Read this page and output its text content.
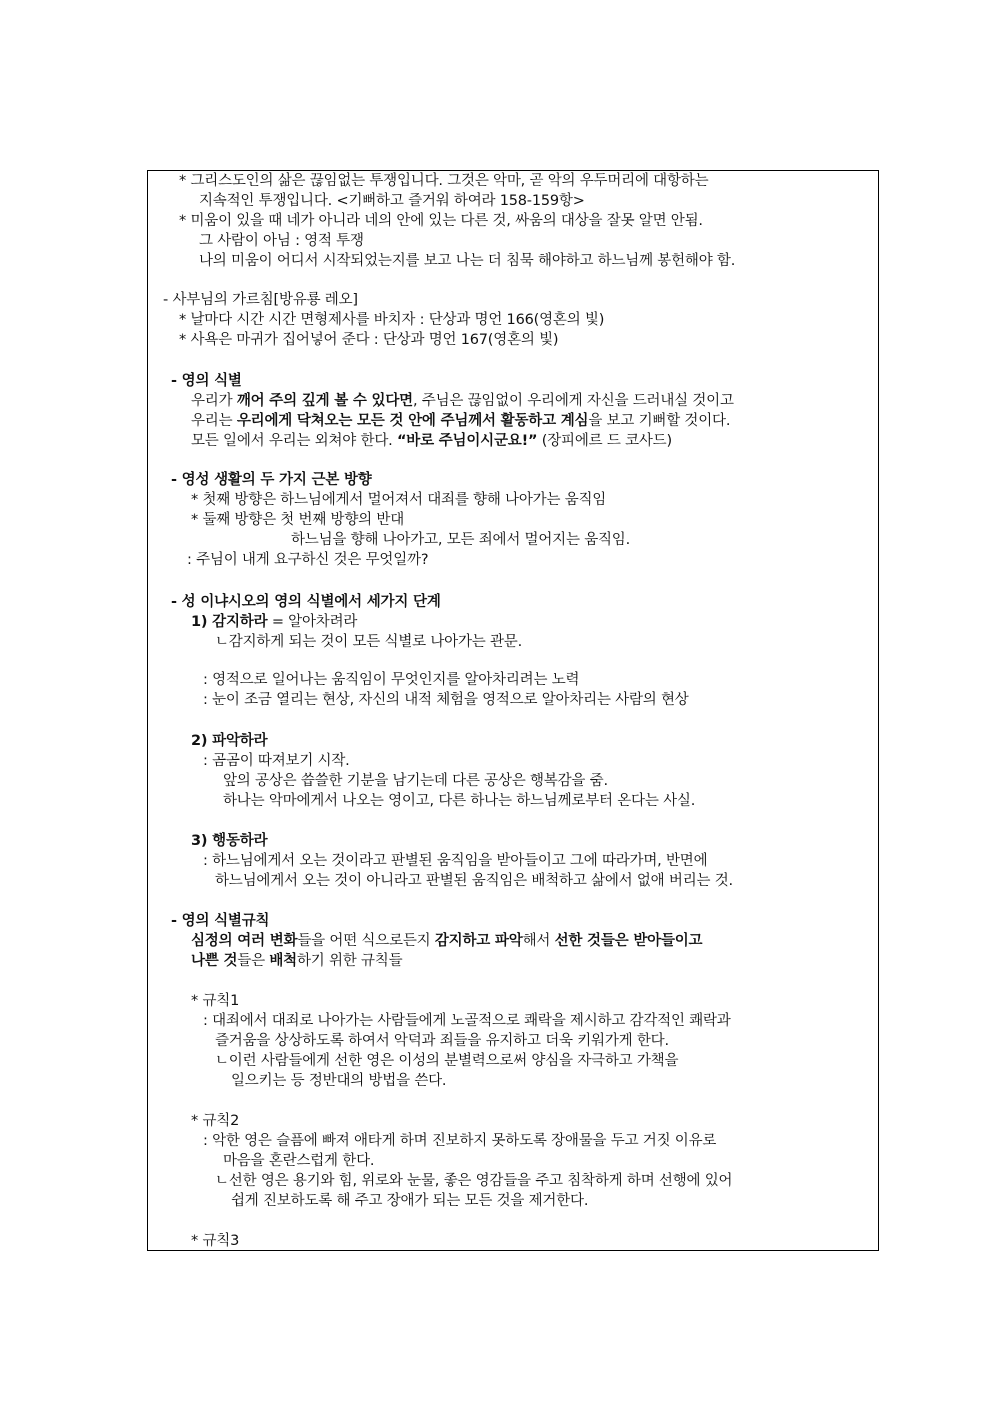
* 그리스도인의 삶은 끊임없는 투쟁입니다. 그것은 악마, 곧 악의 우두머리에 대항하는
지속적인 투쟁입니다. <기뻐하고 즐거워 하여라 158-159항>
* 미움이 있을 때 네가 아니라 네의 안에 있는 다른 것, 싸움의 대상을 잘못 알면 안됨.
그 사람이 아님 : 영적 투쟁
나의 미움이 어디서 시작되었는지를 보고 나는 더 침묵 해야하고 하느님께 봉헌해야 함.
- 사부님의 가르침[방유룡 레오]
* 날마다 시간 시간 면형제사를 바치자 : 단상과 명언 166(영혼의 빛)
* 사욕은 마귀가 집어넣어 준다 : 단상과 명언 167(영혼의 빛)
- 영의 식별
우리가 깨어 주의 깊게 볼 수 있다면, 주님은 끊임없이 우리에게 자신을 드러내실 것이고
우리는 우리에게 닥쳐오는 모든 것 안에 주님께서 활동하고 계심을 보고 기뻐할 것이다.
모든 일에서 우리는 외쳐야 한다. “바로 주님이시군요!” (장피에르 드 코사드)
- 영성 생활의 두 가지 근본 방향
* 첫째 방향은 하느님에게서 멀어져서 대죄를 향해 나아가는 움직임
* 둘째 방향은 첫 번째 방향의 반대
하느님을 향해 나아가고, 모든 죄에서 멀어지는 움직임.
: 주님이 내게 요구하신 것은 무엇일까?
- 성 이냐시오의 영의 식별에서 세가지 단계
1) 감지하라 = 알아차려라
ㄴ감지하게 되는 것이 모든 식별로 나아가는 관문.
: 영적으로 일어나는 움직임이 무엇인지를 알아차리려는 노력
: 눈이 조금 열리는 현상, 자신의 내적 체험을 영적으로 알아차리는 사람의 현상
2) 파악하라
: 곰곰이 따져보기 시작.
앞의 공상은 씁쓸한 기분을 남기는데 다른 공상은 행복감을 줌.
하나는 악마에게서 나오는 영이고, 다른 하나는 하느님께로부터 온다는 사실.
3) 행동하라
: 하느님에게서 오는 것이라고 판별된 움직임을 받아들이고 그에 따라가며, 반면에
하느님에게서 오는 것이 아니라고 판별된 움직임은 배척하고 삶에서 없애 버리는 것.
- 영의 식별규칙
심정의 여러 변화들을 어떤 식으로든지 감지하고 파악해서 선한 것들은 받아들이고
나쁜 것들은 배척하기 위한 규칙들
* 규칙1
: 대죄에서 대죄로 나아가는 사람들에게 노골적으로 쾌락을 제시하고 감각적인 쾌락과
즐거움을 상상하도록 하여서 악덕과 죄들을 유지하고 더욱 키워가게 한다.
ㄴ이런 사람들에게 선한 영은 이성의 분별력으로써 양심을 자극하고 가책을
일으키는 등 정반대의 방법을 쓴다.
* 규칙2
: 악한 영은 슬픔에 빠져 애타게 하며 진보하지 못하도록 장애물을 두고 거짓 이유로
마음을 혼란스럽게 한다.
ㄴ선한 영은 용기와 힘, 위로와 눈물, 좋은 영감들을 주고 침착하게 하며 선행에 있어
쉽게 진보하도록 해 주고 장애가 되는 모든 것을 제거한다.
* 규칙3
